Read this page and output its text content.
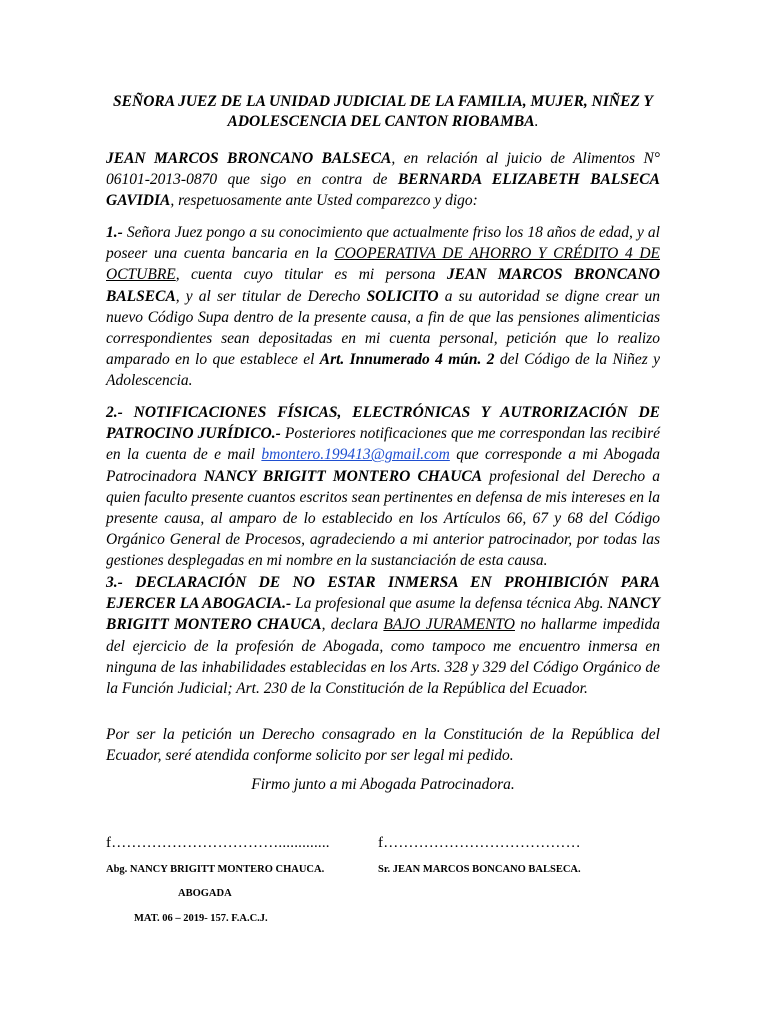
SEÑORA JUEZ DE LA UNIDAD JUDICIAL DE LA FAMILIA, MUJER, NIÑEZ Y
ADOLESCENCIA DEL CANTON RIOBAMBA.
JEAN MARCOS BRONCANO BALSECA, en relación al juicio de Alimentos N° 06101-2013-0870 que sigo en contra de BERNARDA ELIZABETH BALSECA GAVIDIA, respetuosamente ante Usted comparezco y digo:
1.- Señora Juez pongo a su conocimiento que actualmente friso los 18 años de edad, y al poseer una cuenta bancaria en la COOPERATIVA DE AHORRO Y CRÉDITO 4 DE OCTUBRE, cuenta cuyo titular es mi persona JEAN MARCOS BRONCANO BALSECA, y al ser titular de Derecho SOLICITO a su autoridad se digne crear un nuevo Código Supa dentro de la presente causa, a fin de que las pensiones alimenticias correspondientes sean depositadas en mi cuenta personal, petición que lo realizo amparado en lo que establece el Art. Innumerado 4 mún. 2 del Código de la Niñez y Adolescencia.
2.- NOTIFICACIONES FÍSICAS, ELECTRÓNICAS Y AUTRORIZACIÓN DE PATROCINO JURÍDICO.- Posteriores notificaciones que me correspondan las recibiré en la cuenta de e mail bmontero.199413@gmail.com que corresponde a mi Abogada Patrocinadora NANCY BRIGITT MONTERO CHAUCA profesional del Derecho a quien faculto presente cuantos escritos sean pertinentes en defensa de mis intereses en la presente causa, al amparo de lo establecido en los Artículos 66, 67 y 68 del Código Orgánico General de Procesos, agradeciendo a mi anterior patrocinador, por todas las gestiones desplegadas en mi nombre en la sustanciación de esta causa.
3.- DECLARACIÓN DE NO ESTAR INMERSA EN PROHIBICIÓN PARA EJERCER LA ABOGACIA.- La profesional que asume la defensa técnica Abg. NANCY BRIGITT MONTERO CHAUCA, declara BAJO JURAMENTO no hallarme impedida del ejercicio de la profesión de Abogada, como tampoco me encuentro inmersa en ninguna de las inhabilidades establecidas en los Arts. 328 y 329 del Código Orgánico de la Función Judicial; Art. 230 de la Constitución de la República del Ecuador.
Por ser la petición un Derecho consagrado en la Constitución de la República del Ecuador, seré atendida conforme solicito por ser legal mi pedido.
Firmo junto a mi Abogada Patrocinadora.
f…………………………….............	f…………………………………
Abg. NANCY BRIGITT MONTERO CHAUCA.	Sr. JEAN MARCOS BONCANO BALSECA.
ABOGADA
MAT. 06 – 2019- 157. F.A.C.J.
